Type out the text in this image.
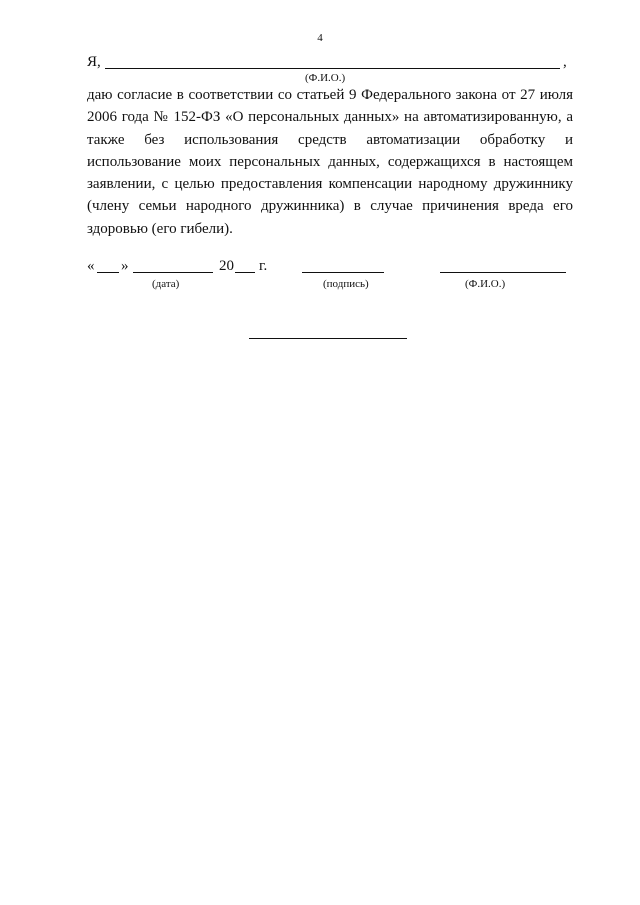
4
Я,	,
(Ф.И.О.)

даю согласие в соответствии со статьей 9 Федерального закона от 27 июля 2006 года № 152-ФЗ «О персональных данных» на автоматизированную, а также без использования средств автоматизации обработку и использование моих персональных данных, содержащихся в настоящем заявлении, с целью предоставления компенсации народному дружиннику (члену семьи народного дружинника) в случае причинения вреда его здоровью (его гибели).

« »	20 г.
(дата)	(подпись)	(Ф.И.О.)
